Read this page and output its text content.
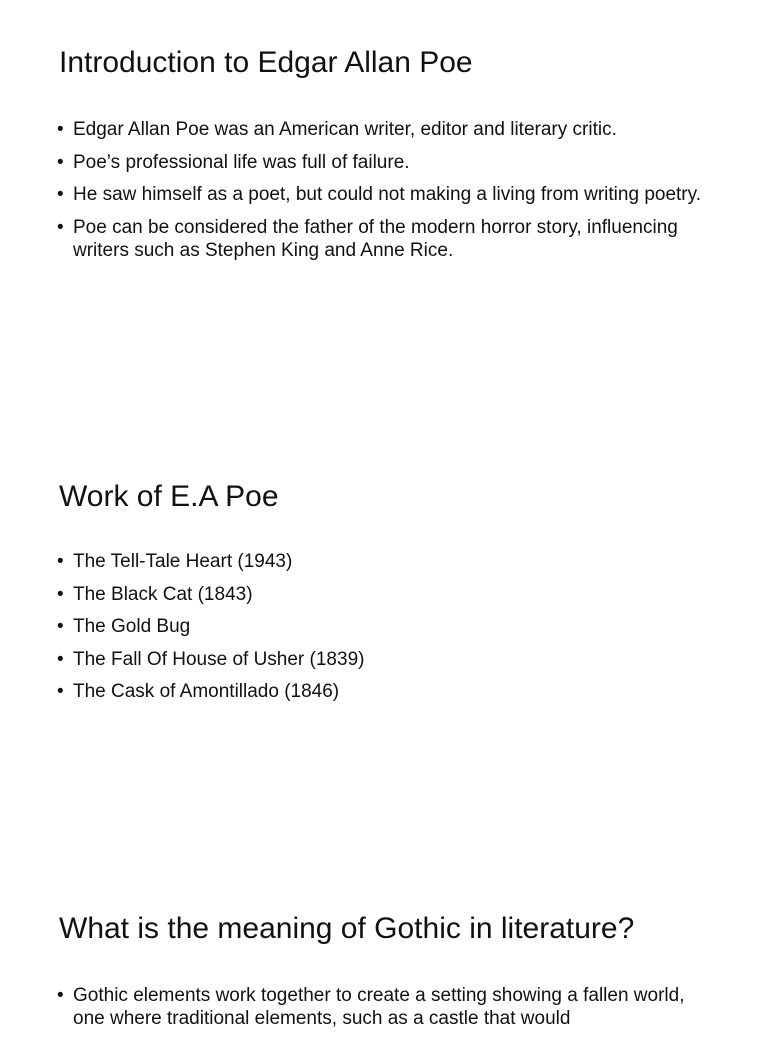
Introduction to Edgar Allan Poe
• Edgar Allan Poe was an American writer, editor and literary critic.
• Poe’s professional life was full of failure.
• He saw himself as a poet, but could not making a living from writing poetry.
• Poe can be considered the father of the modern horror story, influencing writers such as Stephen King and Anne Rice.
Work of E.A Poe
• The Tell-Tale Heart (1943)
• The Black Cat (1843)
• The Gold Bug
• The Fall Of House of Usher (1839)
• The Cask of Amontillado (1846)
What is the meaning of Gothic in literature?
• Gothic elements work together to create a setting showing a fallen world, one where traditional elements, such as a castle that would
